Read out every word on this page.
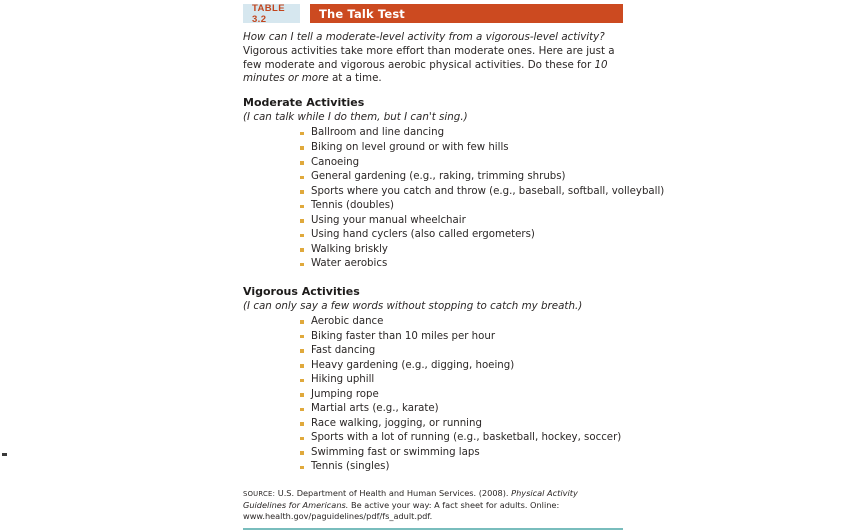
TABLE 3.2	The Talk Test

How can I tell a moderate-level activity from a vigorous-level activity? Vigorous activities take more effort than moderate ones. Here are just a few moderate and vigorous aerobic physical activities. Do these for 10 minutes or more at a time.

Moderate Activities
(I can talk while I do them, but I can't sing.)
Ballroom and line dancing
Biking on level ground or with few hills
Canoeing
General gardening (e.g., raking, trimming shrubs)
Sports where you catch and throw (e.g., baseball, softball, volleyball)
Tennis (doubles)
Using your manual wheelchair
Using hand cyclers (also called ergometers)
Walking briskly
Water aerobics
Vigorous Activities
(I can only say a few words without stopping to catch my breath.)
Aerobic dance
Biking faster than 10 miles per hour
Fast dancing
Heavy gardening (e.g., digging, hoeing)
Hiking uphill
Jumping rope
Martial arts (e.g., karate)
Race walking, jogging, or running
Sports with a lot of running (e.g., basketball, hockey, soccer)
Swimming fast or swimming laps
Tennis (singles)
SOURCE: U.S. Department of Health and Human Services. (2008). Physical Activity Guidelines for Americans. Be active your way: A fact sheet for adults. Online: www.health.gov/paguidelines/pdf/fs_adult.pdf.
